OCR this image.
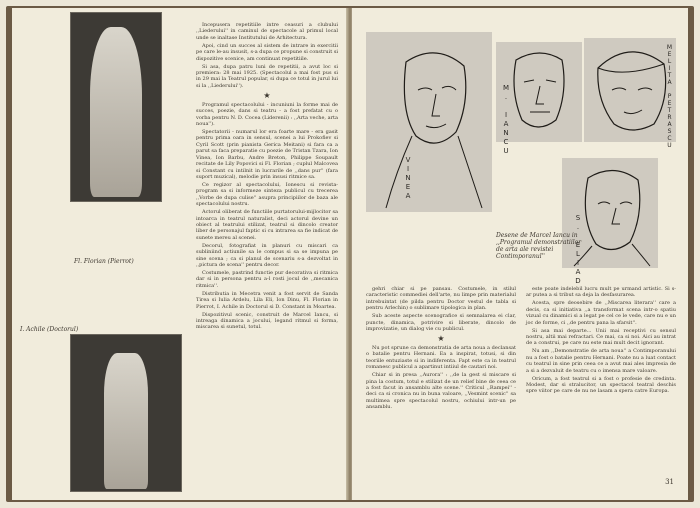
Fl. Florian (Pierrot)
I. Achile (Doctorul)

Incepusera repetitiile intre ceasuri a clubului ,,Liederului'' in caminul de spectacole al primul local unde se inaltase Institutului de Arhitectura.

Apoi, cind un succes al sistem de intrare in exercitii pe care le-au insusit, s-a dupa ce propune si construit si dispozitive scenice, am continuat repetitiile.

Si asa, dupa patru luni de repetitii, a avut loc si premiera: 28 mai 1925. (Spectacolul a mai fost pus si in 29 mai la Teatrul popular, si dupa ce totul in jurul lui si la ,,Liederului'').

★

Programul spectacolului - incuniuni la forme mai de succes, poezie, dans si teatru - a fost prefatat cu o vorba pentru N. D. Cocea (Liderenii) : ,,Arta veche, arta noua'').

Spectatorii - numarul lor era foarte mare - era gasit pentru prima oara in sensul, scenei a lui Prokofiev si Cyril Scott (prin pianista Gerica Meitani) si fara ca a parut sa faca preparatie cu poezie de Tristan Tzara, Ion Vinea, Ion Barbu, Andre Breton, Philippe Soupault recitate de Lily Popovici si Fl. Florian ; cuplul Malcovea si Constant cu intilnit in lucrarile de ,,dans pur'' (fara suport muzical), melodie prin insusi ritmice sa.

Ce regizor al spectacolului, Ionescu si revista-program sa si informeze sinteza publicul cu trecerea ,,Vorbe de dupa culise'' asupra principiilor de baza ale spectacolului nostru.

Actorul oliberat de functiile purtatorului-mijlocitor sa intoarca in teatrul naturalist, deci actorul devine un obiect al teatrului stilizat, teatrul si dincolo creator liber de personajul faptic si cu intrarea sa fie indicat de sunete mereu al scenei.

Decorul, fotografiat in planuri cu miscari ca subliniind actiunile sa le compus si sa se impuna pe sine scena ; ca si planul de scenariu s-a dezvoltat in ,,pictura de scena'' pentru decor.

Costumele, pastrind functie pur decorativa si ritmica dar si in persona pentru a-l rosti jocul de ,,mecanica ritmica''.

Distributia in Mecetra venit a fost servit de Sanda Tirea si Iulia Ardelu, Lila Eli, Ion Dinu, Fl. Florian in Pierrot, I. Achile in Doctorul si D. Constant in Moartea.

Dispozitivul scenic, construit de Marcel Iancu, si intreaga dinamica a jocului, legand ritmul si forma, miscarea si sunetul, totul.

VINEA
M. IANCU	MELITA PETRASCU
S. ELIAD
Desene de Marcel Iancu in ,,Programul demonstratiilor de arta ale revistei Contimporanul''

gehri chiar si pe pansau. Costumele, in stilul caracteristic commediei dell'arte, nu limpe prin materialul intrebuintat (de pilda pentru Doctor vestul de tabla si pentru Arlechin) o sublimare tipologica in plan.

Sub aceste aspecte scenografice si semnalarea ei clar, puncte, dinamica, potrivire si liberate, dincolo de improvizatie, un dialog vie cu publicul.

★

Nu pot sprune ca demonstratia de arta noua a declansat o batalie pentru Hernani. Ea a inspirat, totusi, si din teoriile entuziaste si in indiferenta. Fapt este ca in teatrul romanesc publicul a apartinut intiiul de cautari noi.

Chiar si in presa ,,Aurora'' : ,,de la gest si miscare si pina la costum, totul e stilizat de un relief bine de ceea ce a fost facut in ansamblu alte scene.'' Criticul ,,Rampei'' - deci ca si cronica nu in buna valoare, ,,Vesmint scenic'' sa multimea spre spectacolul nostru, ochiului intr-un pe ansamblu.

este poate indelebil lucru mult pe urmand artistic. Si s-ar putea a si tribut sa deja la desfasurarea.

Acesta, spre deosebire de ,,Miscarea literara'' care a decis, ca si initiativa ,,a transformat scena intr-o spatiu vizual cu dinamici si a legat pe cel ce le vede, care nu e un joc de forme, ci ,,de pentru pana la sfarsit''.

Si asa mai departe... Unii mai receptivi cu sensul nostru, altii mai refractari. Ce mai, ca si noi. Aici au intrat de a construi, pe care nu este mai mult decit ignorant.

Nu am ,,Demonstratie de arta noua'' a Contimporanului nu a fost o batalie pentru Hernani. Poate nu a luat contact cu teatrul in sine prin ceea ce a avut mai ales impresia de a si a dezvaluit de teatru cu o imensa mare valoare.

Oricum, a fost teatrul si a fost o profesie de credinta. Modest, dar si stralucitor, un spectacol teatral deschis spre viitor pe care de nu ne lasam a spera catre Europa.

31
